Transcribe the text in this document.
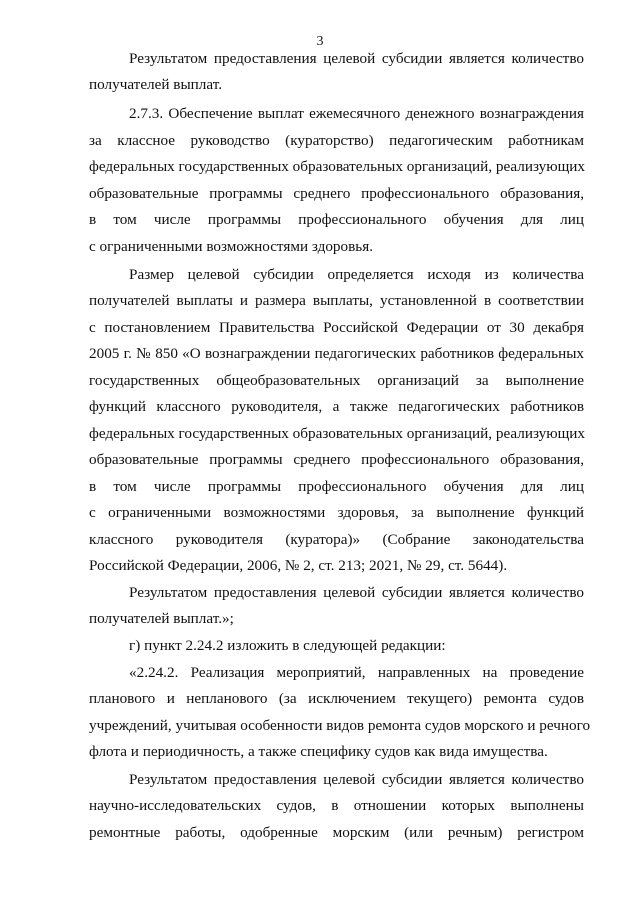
3
Результатом предоставления целевой субсидии является количество
получателей выплат.
2.7.3. Обеспечение выплат ежемесячного денежного вознаграждения
за классное руководство (кураторство) педагогическим работникам
федеральных государственных образовательных организаций, реализующих
образовательные программы среднего профессионального образования,
в том числе программы профессионального обучения для лиц
с ограниченными возможностями здоровья.
Размер целевой субсидии определяется исходя из количества
получателей выплаты и размера выплаты, установленной в соответствии
с постановлением Правительства Российской Федерации от 30 декабря
2005 г. № 850 «О вознаграждении педагогических работников федеральных
государственных общеобразовательных организаций за выполнение
функций классного руководителя, а также педагогических работников
федеральных государственных образовательных организаций, реализующих
образовательные программы среднего профессионального образования,
в том числе программы профессионального обучения для лиц
с ограниченными возможностями здоровья, за выполнение функций
классного руководителя (куратора)» (Собрание законодательства
Российской Федерации, 2006, № 2, ст. 213; 2021, № 29, ст. 5644).
Результатом предоставления целевой субсидии является количество
получателей выплат.»;
г) пункт 2.24.2 изложить в следующей редакции:
«2.24.2. Реализация мероприятий, направленных на проведение
планового и непланового (за исключением текущего) ремонта судов
учреждений, учитывая особенности видов ремонта судов морского и речного
флота и периодичность, а также специфику судов как вида имущества.
Результатом предоставления целевой субсидии является количество
научно-исследовательских судов, в отношении которых выполнены
ремонтные работы, одобренные морским (или речным) регистром
